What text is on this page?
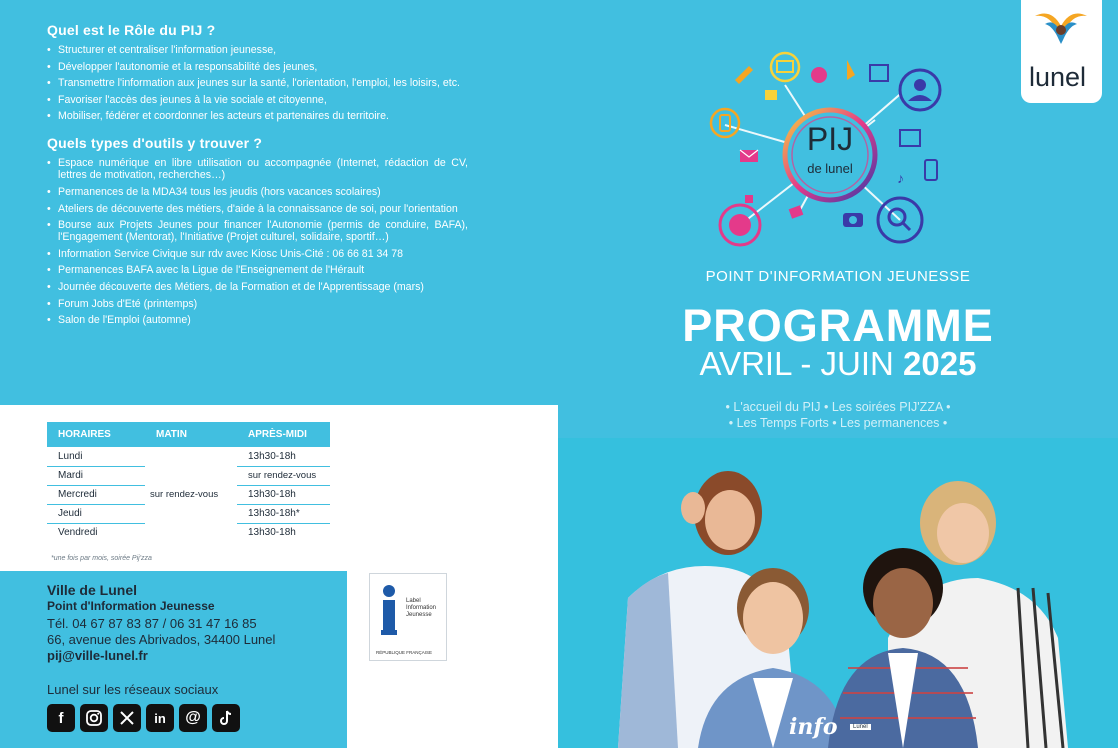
Quel est le Rôle du PIJ ?
• Structurer et centraliser l'information jeunesse,
• Développer l'autonomie et la responsabilité des jeunes,
• Transmettre l'information aux jeunes sur la santé, l'orientation, l'emploi, les loisirs, etc.
• Favoriser l'accès des jeunes à la vie sociale et citoyenne,
• Mobiliser, fédérer et coordonner les acteurs et partenaires du territoire.
Quels types d'outils y trouver ?
• Espace numérique en libre utilisation ou accompagnée (Internet, rédaction de CV, lettres de motivation, recherches…)
• Permanences de la MDA34 tous les jeudis (hors vacances scolaires)
• Ateliers de découverte des métiers, d'aide à la connaissance de soi, pour l'orientation
• Bourse aux Projets Jeunes pour financer l'Autonomie (permis de conduire, BAFA), l'Engagement (Mentorat), l'Initiative (Projet culturel, solidaire, sportif…)
• Information Service Civique sur rdv avec Kiosc Unis-Cité : 06 66 81 34 78
• Permanences BAFA avec la Ligue de l'Enseignement de l'Hérault
• Journée découverte des Métiers, de la Formation et de l'Apprentissage (mars)
• Forum Jobs d'Eté (printemps)
• Salon de l'Emploi (automne)
HORAIRES	MATIN	APRÈS-MIDI
Lundi	sur rendez-vous	13h30-18h
Mardi		sur rendez-vous
Mercredi		13h30-18h
Jeudi		13h30-18h*
Vendredi		13h30-18h
*une fois par mois, soirée Pij'zza
Ville de Lunel
Point d'Information Jeunesse
Tél. 04 67 87 83 87 / 06 31 47 16 85
66, avenue des Abrivados, 34400 Lunel
pij@ville-lunel.fr
Lunel sur les réseaux sociaux
f	in	@
Label
Information
Jeunesse
RÉPUBLIQUE FRANÇAISE
lunel
PIJ
de lunel
♪
POINT D'INFORMATION JEUNESSE
PROGRAMME
AVRIL - JUIN 2025
• L'accueil du PIJ • Les soirées PIJ'ZZA •
• Les Temps Forts • Les permanences •
info	Lunel
